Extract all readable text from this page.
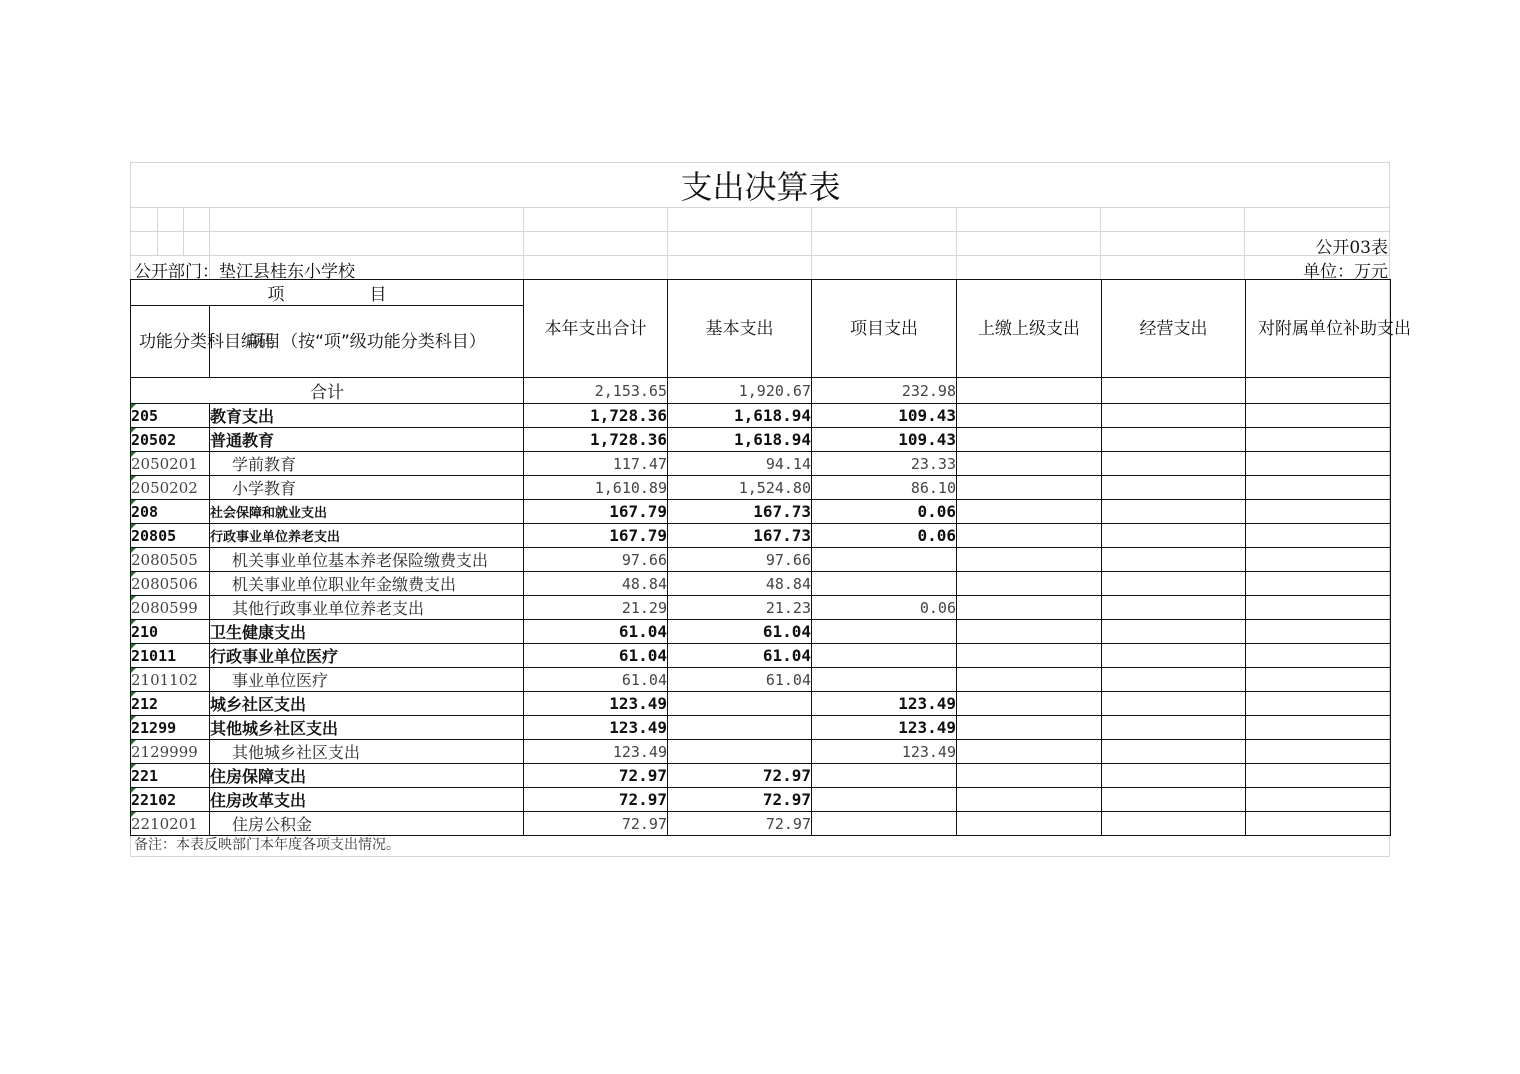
支出决算表
公开03表
公开部门：垫江县桂东小学校	单位：万元
项　　　　　目		本年支出合计	基本支出	项目支出	上缴上级支出	经营支出	对附属单位补助支出
功能分类科目编码	项目（按“项”级功能分类科目）						
合计		2,153.65	1,920.67	232.98			
205	教育支出	1,728.36	1,618.94	109.43			
20502	普通教育	1,728.36	1,618.94	109.43			
2050201	学前教育	117.47	94.14	23.33			
2050202	小学教育	1,610.89	1,524.80	86.10			
208	社会保障和就业支出	167.79	167.73	0.06			
20805	行政事业单位养老支出	167.79	167.73	0.06			
2080505	机关事业单位基本养老保险缴费支出	97.66	97.66				
2080506	机关事业单位职业年金缴费支出	48.84	48.84				
2080599	其他行政事业单位养老支出	21.29	21.23	0.06			
210	卫生健康支出	61.04	61.04				
21011	行政事业单位医疗	61.04	61.04				
2101102	事业单位医疗	61.04	61.04				
212	城乡社区支出	123.49		123.49			
21299	其他城乡社区支出	123.49		123.49			
2129999	其他城乡社区支出	123.49		123.49			
221	住房保障支出	72.97	72.97				
22102	住房改革支出	72.97	72.97				
2210201	住房公积金	72.97	72.97				
备注：本表反映部门本年度各项支出情况。
